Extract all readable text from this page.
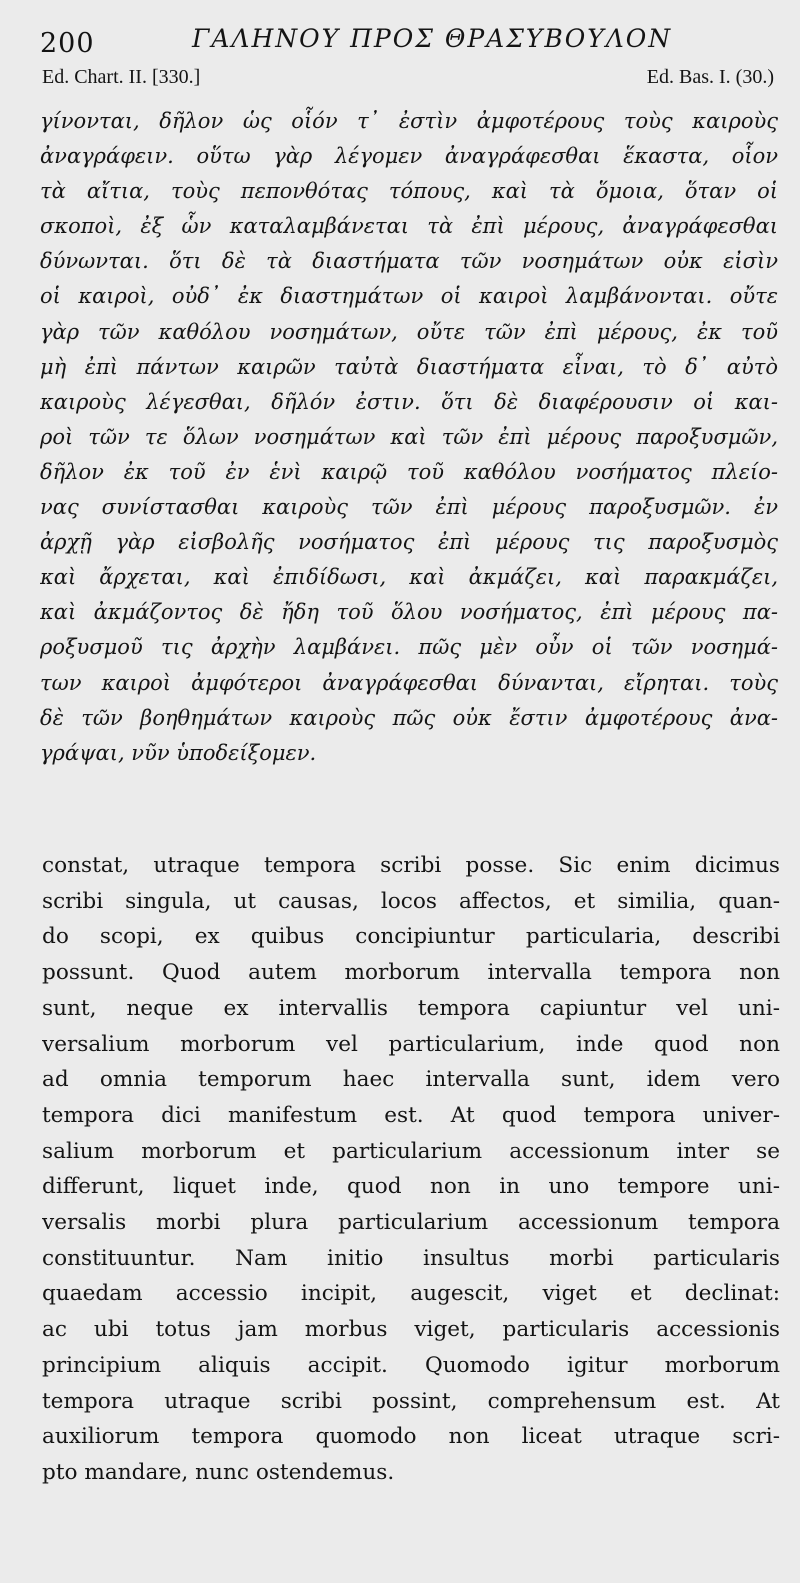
200	ΓΑΛΗΝΟΥ ΠΡΟΣ ΘΡΑΣΥΒΟΥΛΟΝ
Ed. Chart. II. [330.]	Ed. Bas. I. (30.)
γίνονται, δῆλον ὡς οἷόν τ᾽ ἐστὶν ἀμφοτέρους τοὺς καιροὺς
ἀναγράφειν. οὕτω γὰρ λέγομεν ἀναγράφεσθαι ἕκαστα, οἷον
τὰ αἴτια, τοὺς πεπονθότας τόπους, καὶ τὰ ὅμοια, ὅταν οἱ
σκοποὶ, ἐξ ὧν καταλαμβάνεται τὰ ἐπὶ μέρους, ἀναγράφεσθαι
δύνωνται. ὅτι δὲ τὰ διαστήματα τῶν νοσημάτων οὐκ εἰσὶν
οἱ καιροὶ, οὐδ᾽ ἐκ διαστημάτων οἱ καιροὶ λαμβάνονται. οὔτε
γὰρ τῶν καθόλου νοσημάτων, οὔτε τῶν ἐπὶ μέρους, ἐκ τοῦ
μὴ ἐπὶ πάντων καιρῶν ταὐτὰ διαστήματα εἶναι, τὸ δ᾽ αὐτὸ
καιροὺς λέγεσθαι, δῆλόν ἐστιν. ὅτι δὲ διαφέρουσιν οἱ και-
ροὶ τῶν τε ὅλων νοσημάτων καὶ τῶν ἐπὶ μέρους παροξυσμῶν,
δῆλον ἐκ τοῦ ἐν ἑνὶ καιρῷ τοῦ καθόλου νοσήματος πλείο-
νας συνίστασθαι καιροὺς τῶν ἐπὶ μέρους παροξυσμῶν. ἐν
ἀρχῇ γὰρ εἰσβολῆς νοσήματος ἐπὶ μέρους τις παροξυσμὸς
καὶ ἄρχεται, καὶ ἐπιδίδωσι, καὶ ἀκμάζει, καὶ παρακμάζει,
καὶ ἀκμάζοντος δὲ ἤδη τοῦ ὅλου νοσήματος, ἐπὶ μέρους πα-
ροξυσμοῦ τις ἀρχὴν λαμβάνει. πῶς μὲν οὖν οἱ τῶν νοσημά-
των καιροὶ ἀμφότεροι ἀναγράφεσθαι δύνανται, εἴρηται. τοὺς
δὲ τῶν βοηθημάτων καιροὺς πῶς οὐκ ἔστιν ἀμφοτέρους ἀνα-
γράψαι, νῦν ὑποδείξομεν.
constat, utraque tempora scribi posse. Sic enim dicimus
scribi singula, ut causas, locos affectos, et similia, quan-
do scopi, ex quibus concipiuntur particularia, describi
possunt. Quod autem morborum intervalla tempora non
sunt, neque ex intervallis tempora capiuntur vel uni-
versalium morborum vel particularium, inde quod non
ad omnia temporum haec intervalla sunt, idem vero
tempora dici manifestum est. At quod tempora univer-
salium morborum et particularium accessionum inter se
differunt, liquet inde, quod non in uno tempore uni-
versalis morbi plura particularium accessionum tempora
constituuntur. Nam initio insultus morbi particularis
quaedam accessio incipit, augescit, viget et declinat:
ac ubi totus jam morbus viget, particularis accessionis
principium aliquis accipit. Quomodo igitur morborum
tempora utraque scribi possint, comprehensum est. At
auxiliorum tempora quomodo non liceat utraque scri-
pto mandare, nunc ostendemus.
